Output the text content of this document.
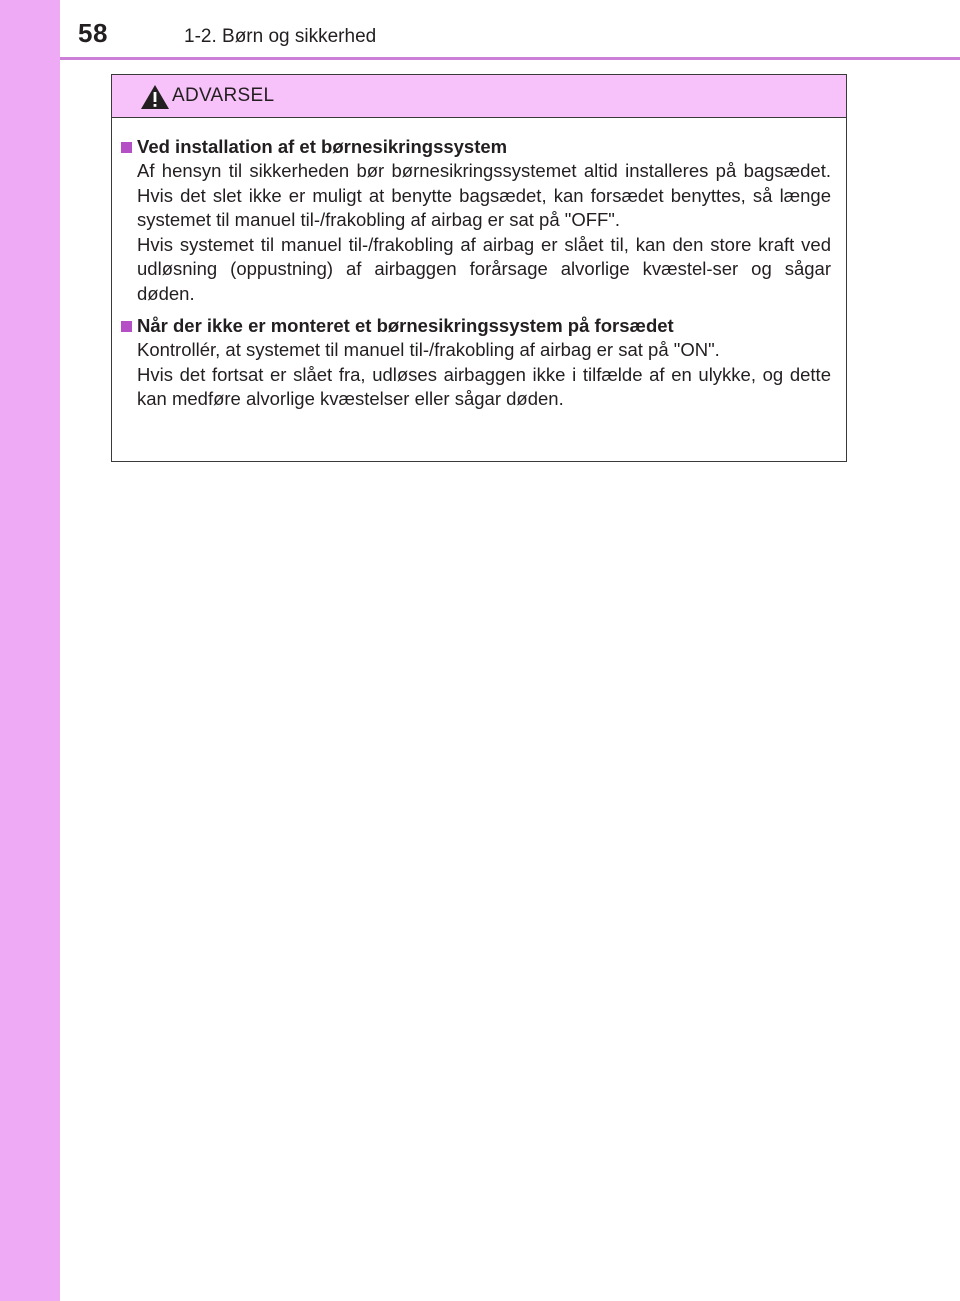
58	1-2. Børn og sikkerhed
ADVARSEL
Ved installation af et børnesikringssystem

Af hensyn til sikkerheden bør børnesikringssystemet altid installeres på bagsædet. Hvis det slet ikke er muligt at benytte bagsædet, kan forsædet benyttes, så længe systemet til manuel til-/frakobling af airbag er sat på "OFF".

Hvis systemet til manuel til-/frakobling af airbag er slået til, kan den store kraft ved udløsning (oppustning) af airbaggen forårsage alvorlige kvæstel-ser og sågar døden.

Når der ikke er monteret et børnesikringssystem på forsædet

Kontrollér, at systemet til manuel til-/frakobling af airbag er sat på "ON".

Hvis det fortsat er slået fra, udløses airbaggen ikke i tilfælde af en ulykke, og dette kan medføre alvorlige kvæstelser eller sågar døden.
